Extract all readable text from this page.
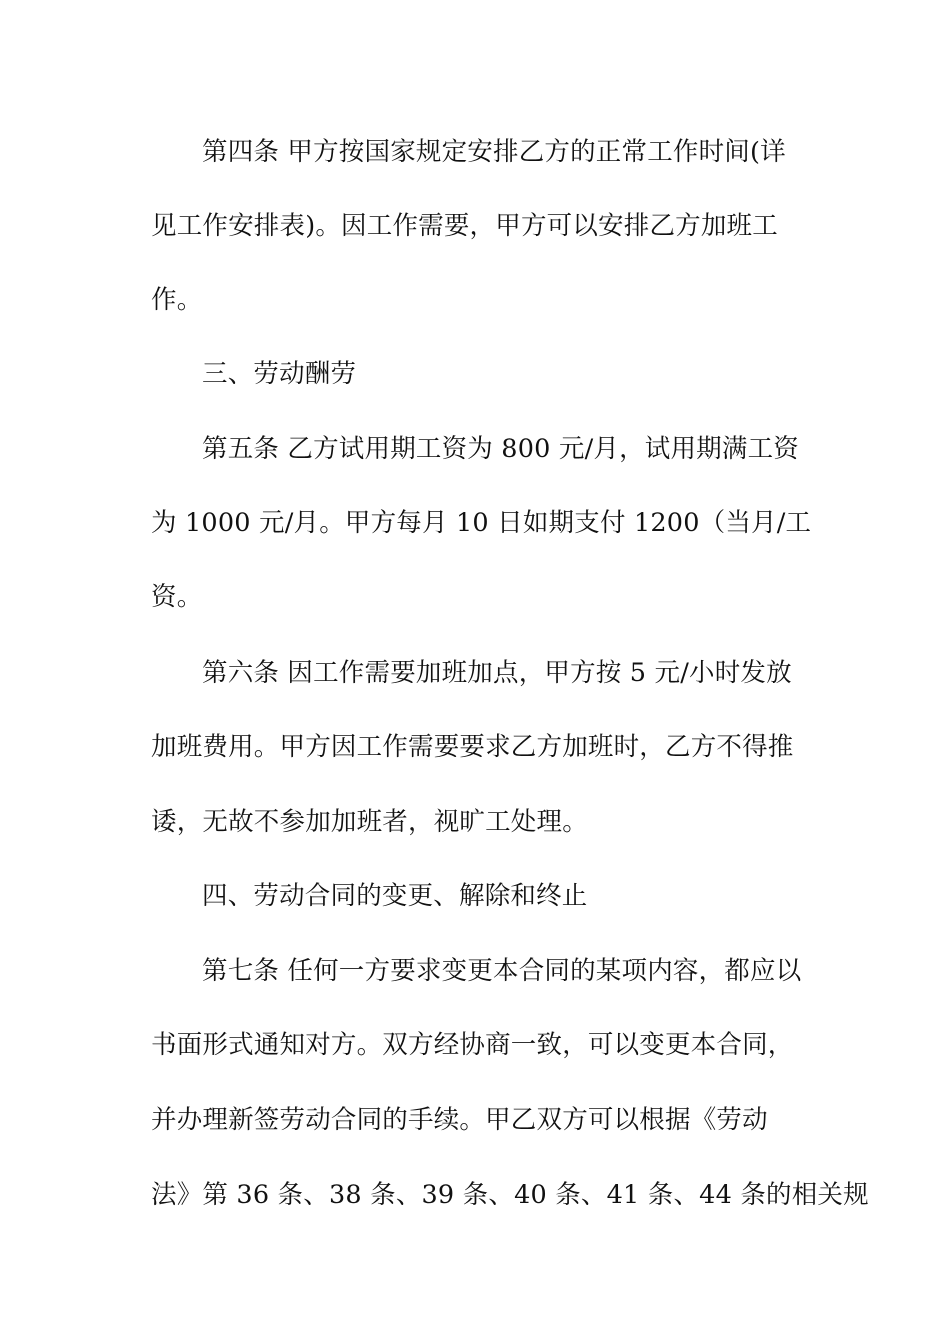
第四条 甲方按国家规定安排乙方的正常工作时间(详
见工作安排表)。因工作需要，甲方可以安排乙方加班工
作。
三、劳动酬劳
第五条 乙方试用期工资为 800 元/月，试用期满工资
为 1000 元/月。甲方每月 10 日如期支付 1200（当月/工
资。
第六条 因工作需要加班加点，甲方按 5 元/小时发放
加班费用。甲方因工作需要要求乙方加班时，乙方不得推
诿，无故不参加加班者，视旷工处理。
四、劳动合同的变更、解除和终止
第七条 任何一方要求变更本合同的某项内容，都应以
书面形式通知对方。双方经协商一致，可以变更本合同，
并办理新签劳动合同的手续。甲乙双方可以根据《劳动
法》第 36 条、38 条、39 条、40 条、41 条、44 条的相关规
